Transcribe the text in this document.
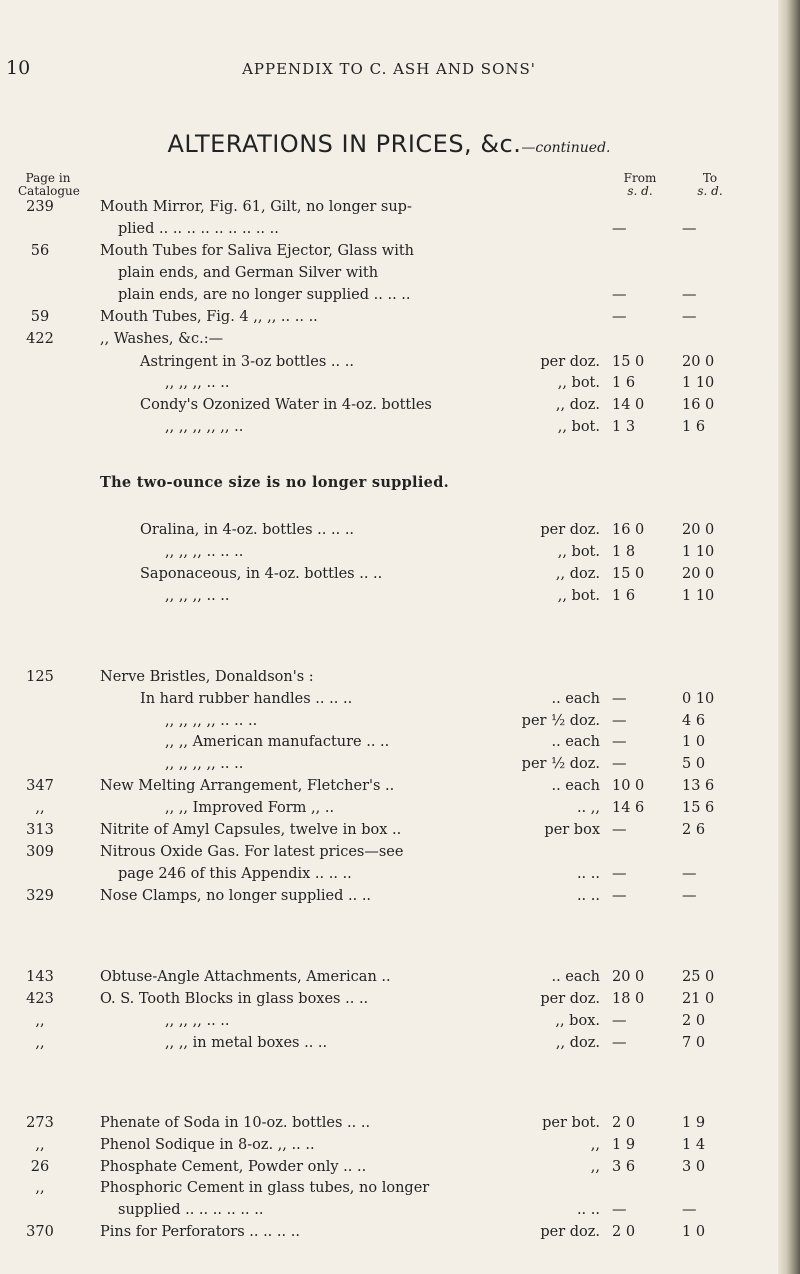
10	APPENDIX TO C. ASH AND SONS'
ALTERATIONS IN PRICES, &c.—continued.
Page in
Catalogue
From
s. d.
To
s. d.
239	Mouth Mirror, Fig. 61, Gilt, no longer sup-
plied .. .. .. .. .. .. .. .. ..	—	—
56	Mouth Tubes for Saliva Ejector, Glass with
plain ends, and German Silver with
plain ends, are no longer supplied .. .. ..	—	—
59	Mouth Tubes, Fig. 4 ,, ,, .. .. ..	—	—
422	,, Washes, &c.:—
Astringent in 3-oz bottles .. ..	per doz. 15 0	20 0
,, ,, ,, .. ..	,, bot. 1 6	1 10
Condy's Ozonized Water in 4-oz. bottles	,, doz. 14 0	16 0
,, ,, ,, ,, ,, ..	,, bot. 1 3	1 6
Oralina, in 4-oz. bottles .. .. ..	per doz. 16 0	20 0
,, ,, ,, .. .. ..	,, bot. 1 8	1 10
Saponaceous, in 4-oz. bottles .. ..	,, doz. 15 0	20 0
,, ,, ,, .. ..	,, bot. 1 6	1 10
125	Nerve Bristles, Donaldson's :
In hard rubber handles .. .. ..	.. each —	0 10
,, ,, ,, ,, .. .. ..	per ½ doz. —	4 6
,, ,, American manufacture .. ..	.. each —	1 0
,, ,, ,, ,, .. ..	per ½ doz. —	5 0
347	New Melting Arrangement, Fletcher's ..	.. each 10 0	13 6
,,	,, ,, Improved Form ,, ..	.. ,, 14 6	15 6
313	Nitrite of Amyl Capsules, twelve in box ..	per box —	2 6
309	Nitrous Oxide Gas. For latest prices—see
page 246 of this Appendix .. .. ..	.. .. —	—
329	Nose Clamps, no longer supplied .. ..	.. .. —	—
143	Obtuse-Angle Attachments, American ..	.. each 20 0	25 0
423	O. S. Tooth Blocks in glass boxes .. ..	per doz. 18 0	21 0
,,	,, ,, ,, .. ..	,, box. —	2 0
,,	,, ,, in metal boxes .. ..	,, doz. —	7 0
273	Phenate of Soda in 10-oz. bottles .. ..	per bot. 2 0	1 9
,,	Phenol Sodique in 8-oz. ,, .. ..	,, 1 9	1 4
26	Phosphate Cement, Powder only .. ..	,, 3 6	3 0
,,	Phosphoric Cement in glass tubes, no longer
supplied .. .. .. .. .. ..	.. .. —	—
370	Pins for Perforators .. .. .. ..	per doz. 2 0	1 0
The two-ounce size is no longer supplied.
